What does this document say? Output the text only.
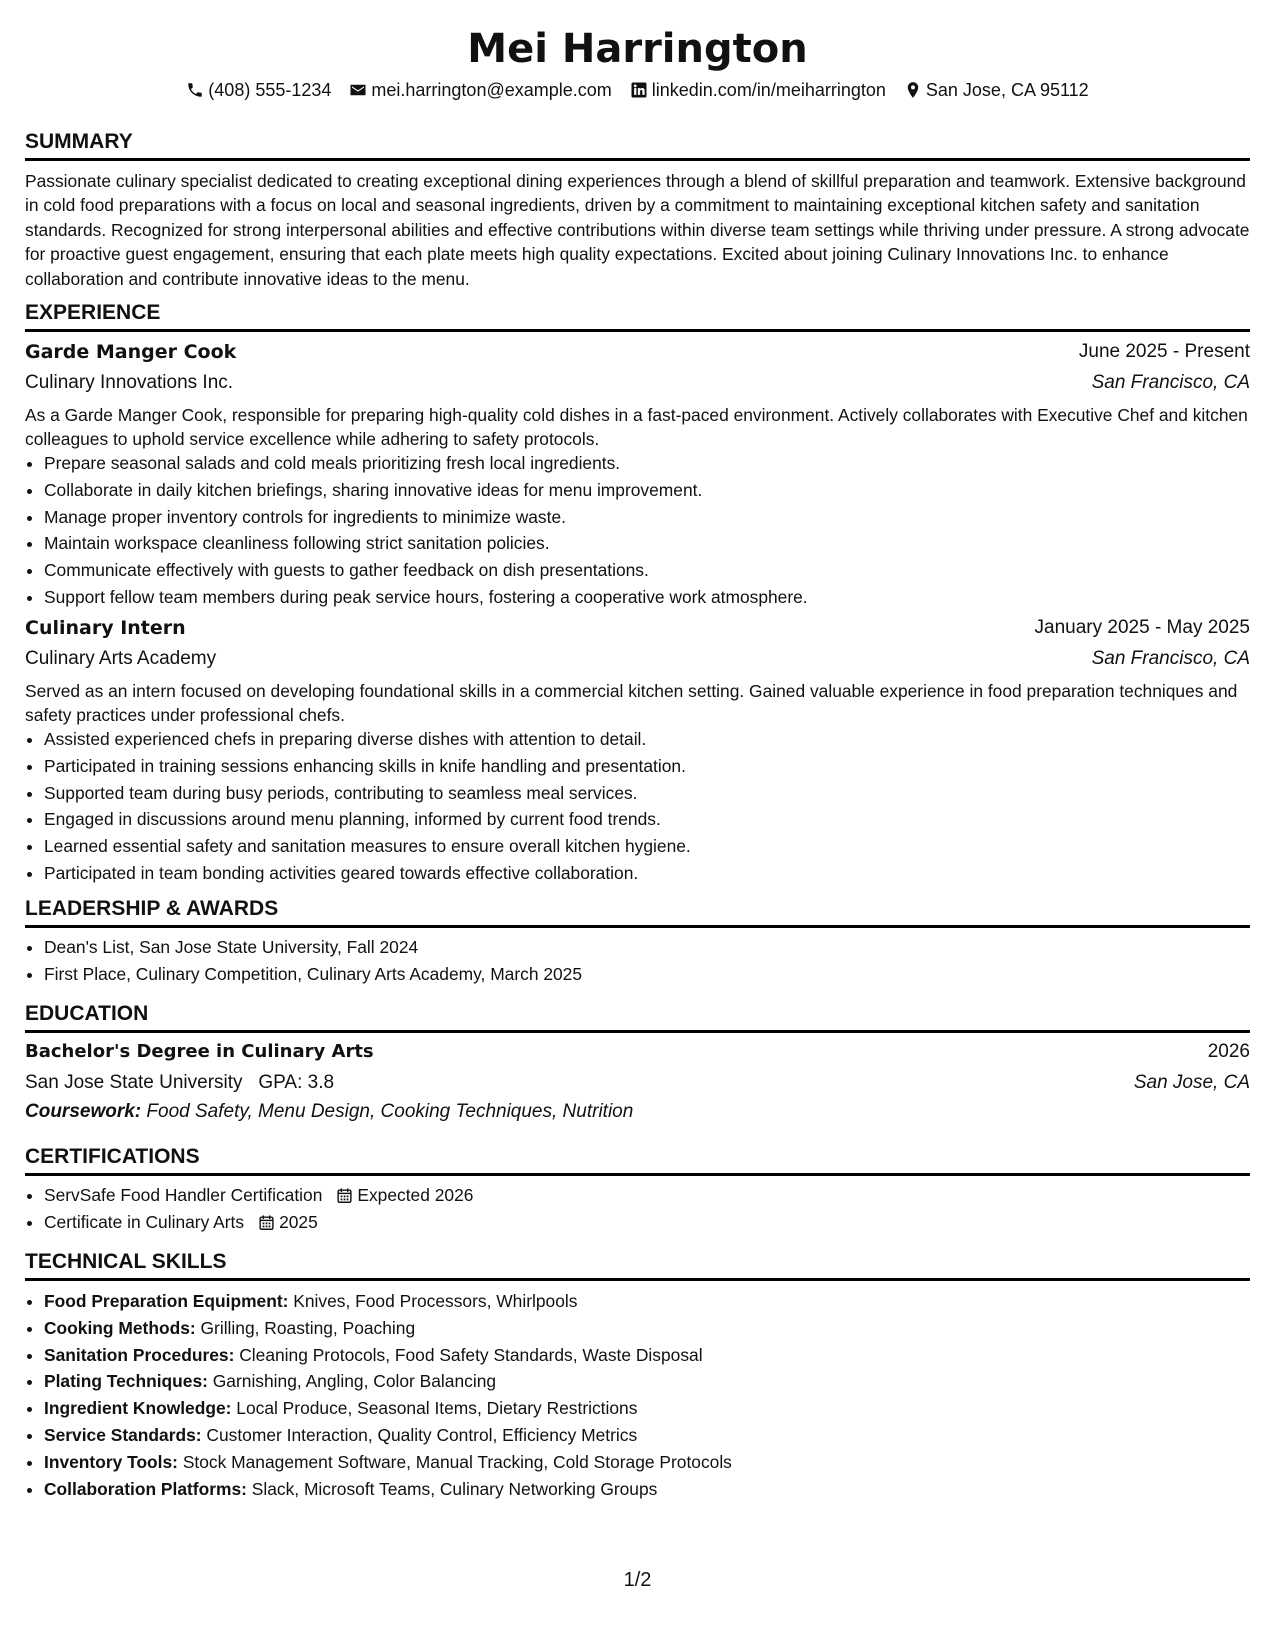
Mei Harrington
(408) 555-1234 mei.harrington@example.com linkedin.com/in/meiharrington San Jose, CA 95112
SUMMARY

Passionate culinary specialist dedicated to creating exceptional dining experiences through a blend of skillful preparation and teamwork. Extensive background in cold food preparations with a focus on local and seasonal ingredients, driven by a commitment to maintaining exceptional kitchen safety and sanitation standards. Recognized for strong interpersonal abilities and effective contributions within diverse team settings while thriving under pressure. A strong advocate for proactive guest engagement, ensuring that each plate meets high quality expectations. Excited about joining Culinary Innovations Inc. to enhance collaboration and contribute innovative ideas to the menu.

EXPERIENCE
Garde Manger Cook	June 2025 - Present
Culinary Innovations Inc.	San Francisco, CA

As a Garde Manger Cook, responsible for preparing high-quality cold dishes in a fast-paced environment. Actively collaborates with Executive Chef and kitchen colleagues to uphold service excellence while adhering to safety protocols.

• Prepare seasonal salads and cold meals prioritizing fresh local ingredients.
• Collaborate in daily kitchen briefings, sharing innovative ideas for menu improvement.
• Manage proper inventory controls for ingredients to minimize waste.
• Maintain workspace cleanliness following strict sanitation policies.
• Communicate effectively with guests to gather feedback on dish presentations.
• Support fellow team members during peak service hours, fostering a cooperative work atmosphere.
Culinary Intern	January 2025 - May 2025
Culinary Arts Academy	San Francisco, CA

Served as an intern focused on developing foundational skills in a commercial kitchen setting. Gained valuable experience in food preparation techniques and safety practices under professional chefs.

• Assisted experienced chefs in preparing diverse dishes with attention to detail.
• Participated in training sessions enhancing skills in knife handling and presentation.
• Supported team during busy periods, contributing to seamless meal services.
• Engaged in discussions around menu planning, informed by current food trends.
• Learned essential safety and sanitation measures to ensure overall kitchen hygiene.
• Participated in team bonding activities geared towards effective collaboration.
LEADERSHIP & AWARDS
• Dean's List, San Jose State University, Fall 2024
• First Place, Culinary Competition, Culinary Arts Academy, March 2025
EDUCATION
Bachelor's Degree in Culinary Arts	2026
San Jose State University GPA: 3.8	San Jose, CA
Coursework: Food Safety, Menu Design, Cooking Techniques, Nutrition
CERTIFICATIONS
• ServSafe Food Handler Certification Expected 2026
• Certificate in Culinary Arts 2025
TECHNICAL SKILLS
• Food Preparation Equipment: Knives, Food Processors, Whirlpools
• Cooking Methods: Grilling, Roasting, Poaching
• Sanitation Procedures: Cleaning Protocols, Food Safety Standards, Waste Disposal
• Plating Techniques: Garnishing, Angling, Color Balancing
• Ingredient Knowledge: Local Produce, Seasonal Items, Dietary Restrictions
• Service Standards: Customer Interaction, Quality Control, Efficiency Metrics
• Inventory Tools: Stock Management Software, Manual Tracking, Cold Storage Protocols
• Collaboration Platforms: Slack, Microsoft Teams, Culinary Networking Groups
1/2
